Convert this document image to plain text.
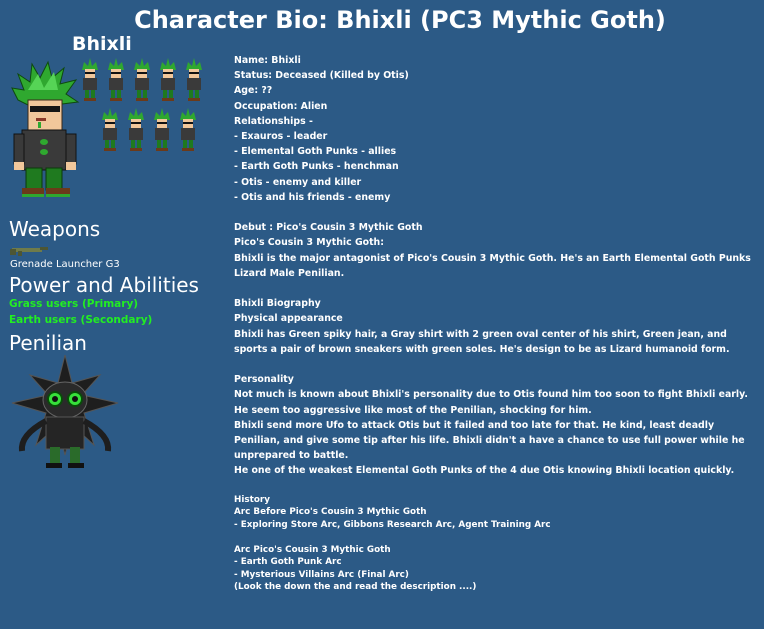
Character Bio: Bhixli (PC3 Mythic Goth)
Bhixli
Weapons
Grenade Launcher G3
Power and Abilities
Grass users (Primary)
Earth users (Secondary)
Penilian
Name: Bhixli
Status: Deceased (Killed by Otis)
Age: ??
Occupation: Alien
Relationships -
- Exauros - leader
- Elemental Goth Punks - allies
- Earth Goth Punks - henchman
- Otis - enemy and killer
- Otis and his friends - enemy
Debut : Pico's Cousin 3 Mythic Goth
Pico's Cousin 3 Mythic Goth:
Bhixli is the major antagonist of Pico's Cousin 3 Mythic Goth. He's an Earth Elemental Goth Punks Lizard Male Penilian.
Bhixli Biography
Physical appearance
Bhixli has Green spiky hair, a Gray shirt with 2 green oval center of his shirt, Green jean, and sports a pair of brown sneakers with green soles. He's design to be as Lizard humanoid form.
Personality
Not much is known about Bhixli's personality due to Otis found him too soon to fight Bhixli early. He seem too aggressive like most of the Penilian, shocking for him.
Bhixli send more Ufo to attack Otis but it failed and too late for that. He kind, least deadly Penilian, and give some tip after his life. Bhixli didn't a have a chance to use full power while he unprepared to battle.
He one of the weakest Elemental Goth Punks of the 4 due Otis knowing Bhixli location quickly.
History
Arc Before Pico's Cousin 3 Mythic Goth
- Exploring Store Arc, Gibbons Research Arc, Agent Training Arc
Arc Pico's Cousin 3 Mythic Goth
- Earth Goth Punk Arc
- Mysterious Villains Arc (Final Arc)
(Look the down the and read the description ....)
